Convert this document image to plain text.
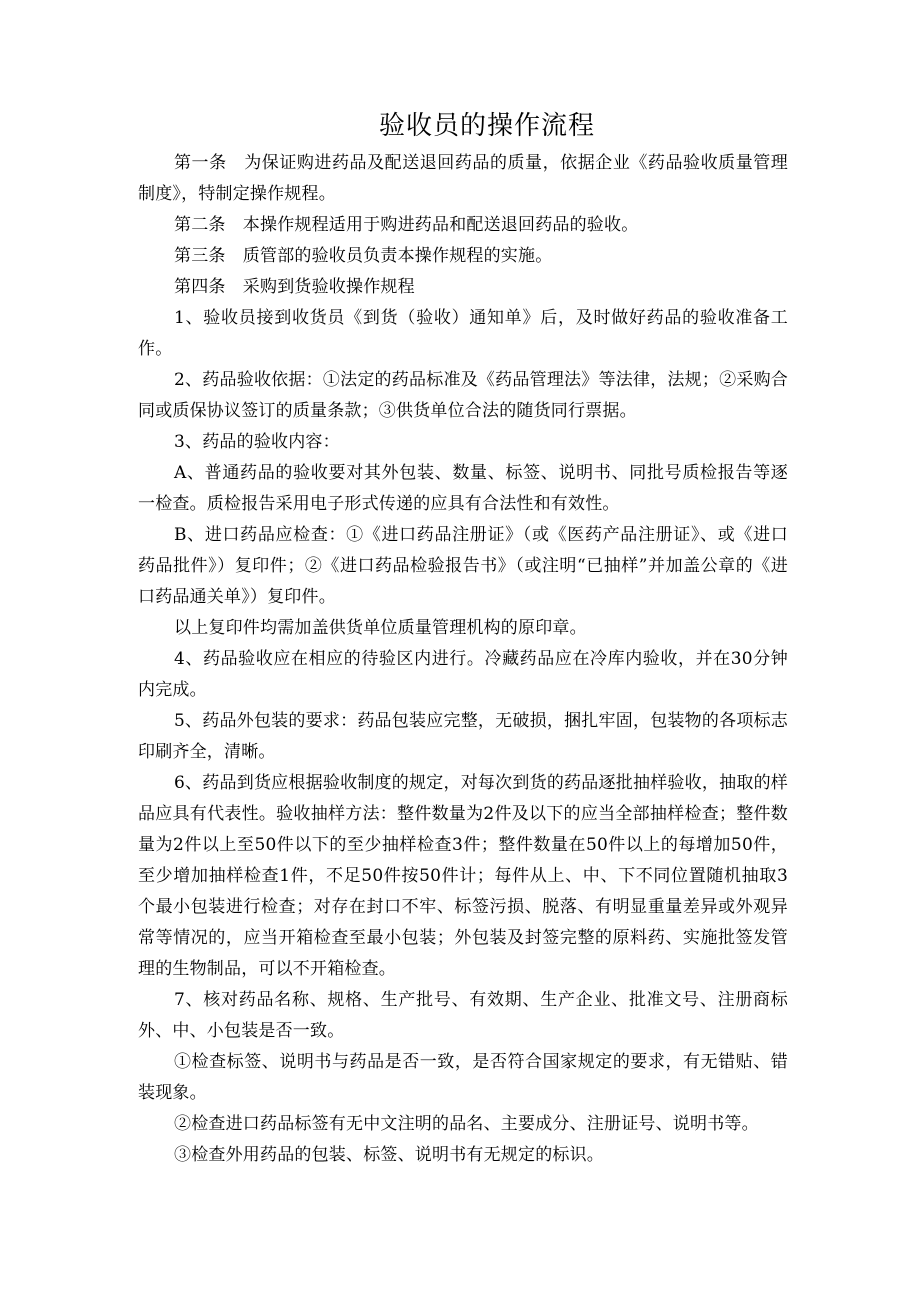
验收员的操作流程

第一条　为保证购进药品及配送退回药品的质量，依据企业《药品验收质量管理制度》，特制定操作规程。

第二条　本操作规程适用于购进药品和配送退回药品的验收。

第三条　质管部的验收员负责本操作规程的实施。

第四条　采购到货验收操作规程

1、验收员接到收货员《到货（验收）通知单》后，及时做好药品的验收准备工作。

2、药品验收依据：①法定的药品标准及《药品管理法》等法律，法规；②采购合同或质保协议签订的质量条款；③供货单位合法的随货同行票据。

3、药品的验收内容：

A、普通药品的验收要对其外包装、数量、标签、说明书、同批号质检报告等逐一检查。质检报告采用电子形式传递的应具有合法性和有效性。

B、进口药品应检查：①《进口药品注册证》（或《医药产品注册证》、或《进口药品批件》）复印件；②《进口药品检验报告书》（或注明“已抽样”并加盖公章的《进口药品通关单》）复印件。

以上复印件均需加盖供货单位质量管理机构的原印章。

4、药品验收应在相应的待验区内进行。冷藏药品应在冷库内验收，并在30分钟内完成。

5、药品外包装的要求：药品包装应完整，无破损，捆扎牢固，包装物的各项标志印刷齐全，清晰。

6、药品到货应根据验收制度的规定，对每次到货的药品逐批抽样验收，抽取的样品应具有代表性。验收抽样方法：整件数量为2件及以下的应当全部抽样检查；整件数量为2件以上至50件以下的至少抽样检查3件；整件数量在50件以上的每增加50件，至少增加抽样检查1件，不足50件按50件计；每件从上、中、下不同位置随机抽取3个最小包装进行检查；对存在封口不牢、标签污损、脱落、有明显重量差异或外观异常等情况的，应当开箱检查至最小包装；外包装及封签完整的原料药、实施批签发管理的生物制品，可以不开箱检查。

7、核对药品名称、规格、生产批号、有效期、生产企业、批准文号、注册商标外、中、小包装是否一致。

①检查标签、说明书与药品是否一致，是否符合国家规定的要求，有无错贴、错装现象。

②检查进口药品标签有无中文注明的品名、主要成分、注册证号、说明书等。

③检查外用药品的包装、标签、说明书有无规定的标识。
